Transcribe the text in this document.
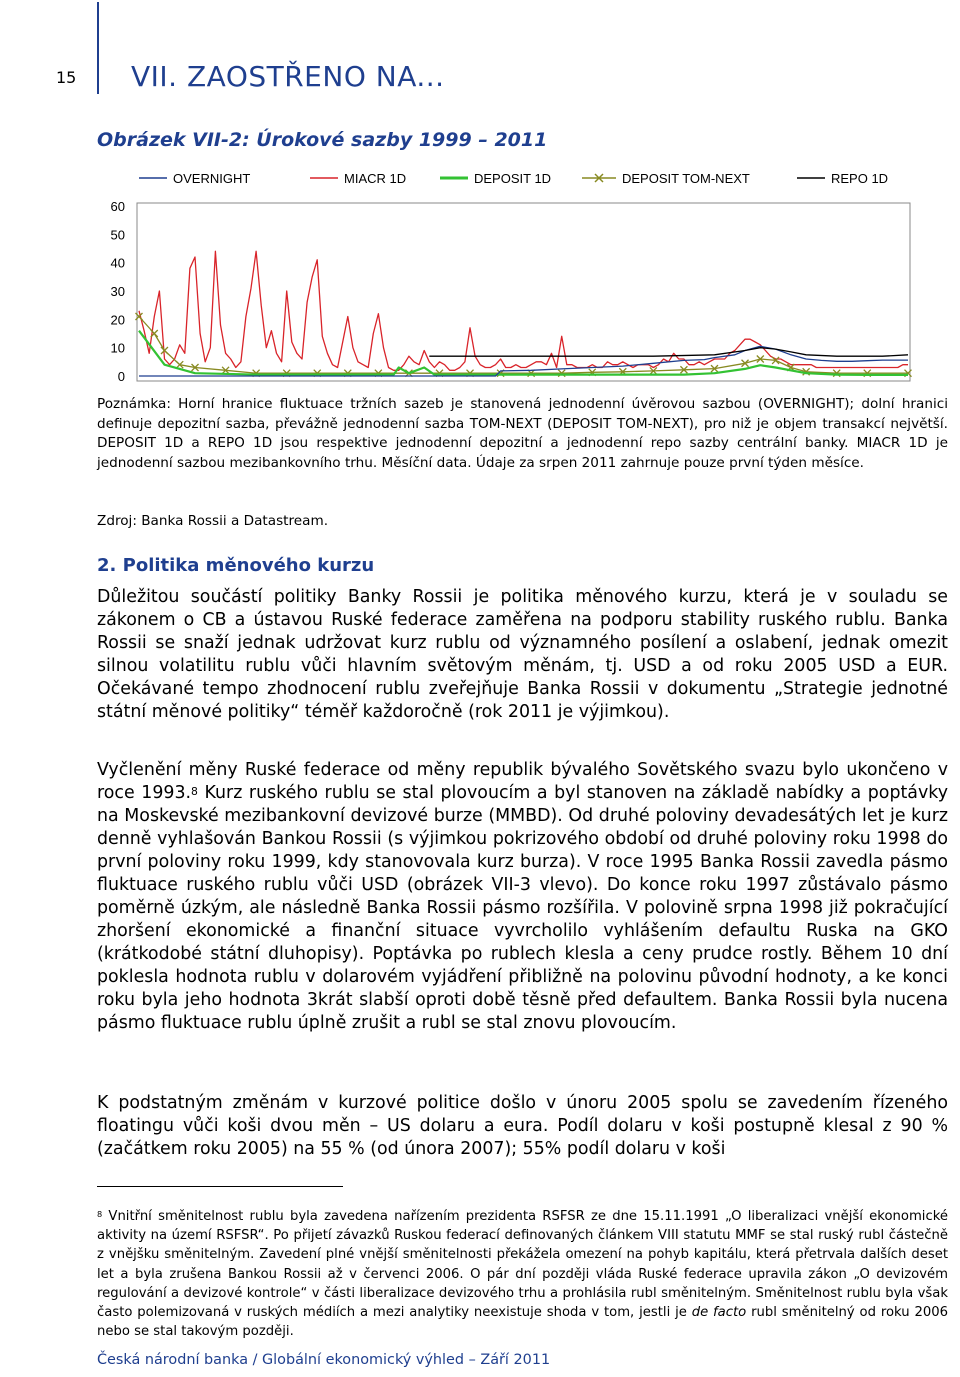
15 VII. ZAOSTŘENO NA...
Obrázek VII-2: Úrokové sazby 1999 – 2011
OVERNIGHT	MIACR 1D	DEPOSIT 1D	DEPOSIT TOM-NEXT	REPO 1D
0
10
20
30
40
50
60
Poznámka: Horní hranice fluktuace tržních sazeb je stanovená jednodenní úvěrovou sazbou (OVERNIGHT); dolní hranici definuje depozitní sazba, převážně jednodenní sazba TOM-NEXT (DEPOSIT TOM-NEXT), pro niž je objem transakcí největší. DEPOSIT 1D a REPO 1D jsou respektive jednodenní depozitní a jednodenní repo sazby centrální banky. MIACR 1D je jednodenní sazbou mezibankovního trhu. Měsíční data. Údaje za srpen 2011 zahrnuje pouze první týden měsíce.
Zdroj: Banka Rossii a Datastream.
2. Politika měnového kurzu

Důležitou součástí politiky Banky Rossii je politika měnového kurzu, která je v souladu se zákonem o CB a ústavou Ruské federace zaměřena na podporu stability ruského rublu. Banka Rossii se snaží jednak udržovat kurz rublu od významného posílení a oslabení, jednak omezit silnou volatilitu rublu vůči hlavním světovým měnám, tj. USD a od roku 2005 USD a EUR. Očekávané tempo zhodnocení rublu zveřejňuje Banka Rossii v dokumentu „Strategie jednotné státní měnové politiky“ téměř každoročně (rok 2011 je výjimkou).

Vyčlenění měny Ruské federace od měny republik bývalého Sovětského svazu bylo ukončeno v roce 1993.$^8$ Kurz ruského rublu se stal plovoucím a byl stanoven na základě nabídky a poptávky na Moskevské mezibankovní devizové burze (MMBD). Od druhé poloviny devadesátých let je kurz denně vyhlašován Bankou Rossii (s výjimkou pokrizového období od druhé poloviny roku 1998 do první poloviny roku 1999, kdy stanovovala kurz burza). V roce 1995 Banka Rossii zavedla pásmo fluktuace ruského rublu vůči USD (obrázek VII-3 vlevo). Do konce roku 1997 zůstávalo pásmo poměrně úzkým, ale následně Banka Rossii pásmo rozšířila. V polovině srpna 1998 již pokračující zhoršení ekonomické a finanční situace vyvrcholilo vyhlášením defaultu Ruska na GKO (krátkodobé státní dluhopisy). Poptávka po rublech klesla a ceny prudce rostly. Během 10 dní poklesla hodnota rublu v dolarovém vyjádření přibližně na polovinu původní hodnoty, a ke konci roku byla jeho hodnota 3krát slabší oproti době těsně před defaultem. Banka Rossii byla nucena pásmo fluktuace rublu úplně zrušit a rubl se stal znovu plovoucím.

K podstatným změnám v kurzové politice došlo v únoru 2005 spolu se zavedením řízeného floatingu vůči koši dvou měn – US dolaru a eura. Podíl dolaru v koši postupně klesal z 90 % (začátkem roku 2005) na 55 % (od února 2007); 55% podíl dolaru v koši

$^8$ Vnitřní směnitelnost rublu byla zavedena nařízením prezidenta RSFSR ze dne 15.11.1991 „O liberalizaci vnější ekonomické aktivity na území RSFSR“. Po přijetí závazků Ruskou federací definovaných článkem VIII statutu MMF se stal ruský rubl částečně z vnějšku směnitelným. Zavedení plné vnější směnitelnosti překážela omezení na pohyb kapitálu, která přetrvala dalších deset let a byla zrušena Bankou Rossii až v červenci 2006. O pár dní později vláda Ruské federace upravila zákon „O devizovém regulování a devizové kontrole“ v části liberalizace devizového trhu a prohlásila rubl směnitelným. Směnitelnost rublu byla však často polemizovaná v ruských médiích a mezi analytiky neexistuje shoda v tom, jestli je de facto rubl směnitelný od roku 2006 nebo se stal takovým později.
Česká národní banka / Globální ekonomický výhled – Září 2011
